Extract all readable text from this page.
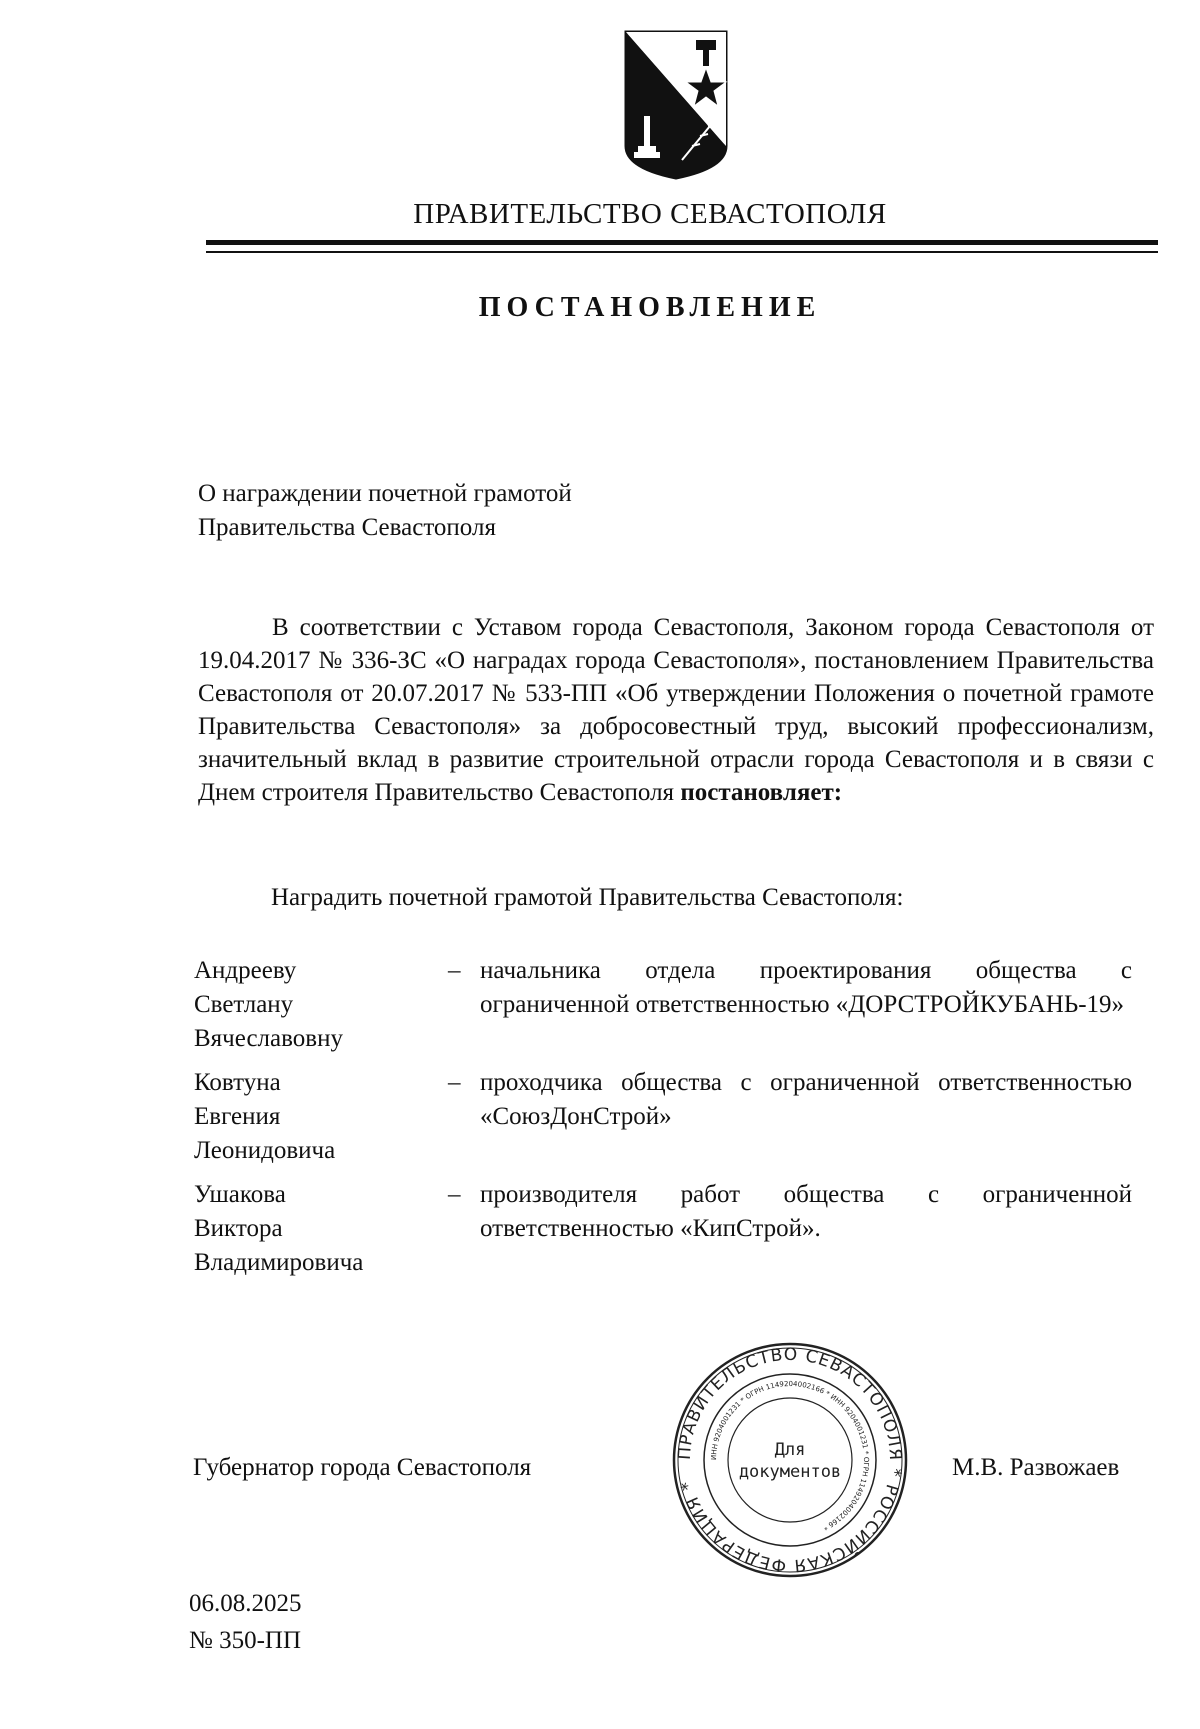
ПРАВИТЕЛЬСТВО СЕВАСТОПОЛЯ
ПОСТАНОВЛЕНИЕ
О награждении почетной грамотой
Правительства Севастополя
В соответствии с Уставом города Севастополя, Законом города Севастополя от 19.04.2017 № 336-ЗС «О наградах города Севастополя», постановлением Правительства Севастополя от 20.07.2017 № 533-ПП «Об утверждении Положения о почетной грамоте Правительства Севастополя» за добросовестный труд, высокий профессионализм, значительный вклад в развитие строительной отрасли города Севастополя и в связи с Днем строителя Правительство Севастополя постановляет:
Наградить почетной грамотой Правительства Севастополя:
Андрееву
Светлану
Вячеславовну
– начальника отдела проектирования общества с ограниченной ответственностью «ДОРСТРОЙКУБАНЬ-19»
Ковтуна
Евгения
Леонидовича
– проходчика общества с ограниченной ответственностью «СоюзДонСтрой»
Ушакова
Виктора
Владимировича
– производителя работ общества с ограниченной ответственностью «КипСтрой».
Губернатор города Севастополя
ПРАВИТЕЛЬСТВО СЕВАСТОПОЛЯ * РОССИЙСКАЯ ФЕДЕРАЦИЯ *
ИНН 9204001231 * ОГРН 1149204002166 * ИНН 9204001231 * ОГРН 1149204002166 *
Для
документов	М.В. Развожаев
06.08.2025
№ 350-ПП
